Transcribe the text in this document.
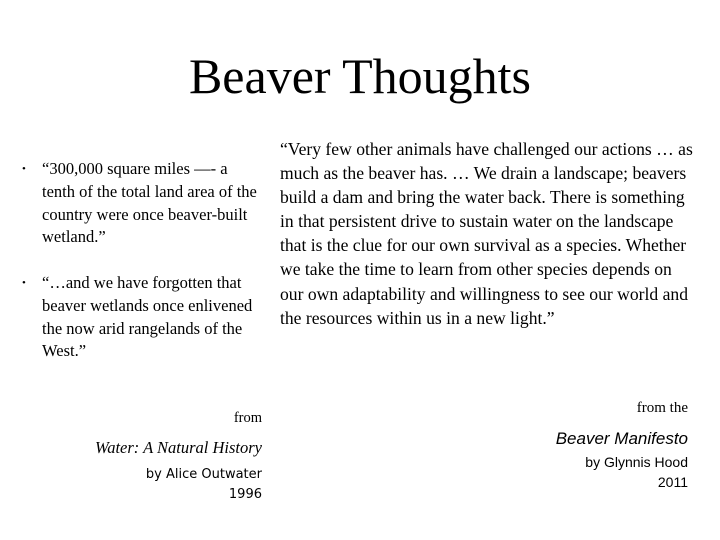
Beaver Thoughts
• “300,000 square miles —- a tenth of the total land area of the country were once beaver-built wetland.”
• “…and we have forgotten that beaver wetlands once enlivened the now arid rangelands of the West.”
“Very few other animals have challenged our actions … as much as the beaver has. … We drain a landscape; beavers build a dam and bring the water back. There is something in that persistent drive to sustain water on the landscape that is the clue for our own survival as a species. Whether we take the time to learn from other species depends on our own adaptability and willingness to see our world and the resources within us in a new light.”
from
Water: A Natural History
by Alice Outwater
1996
from the
Beaver Manifesto
by Glynnis Hood
2011
